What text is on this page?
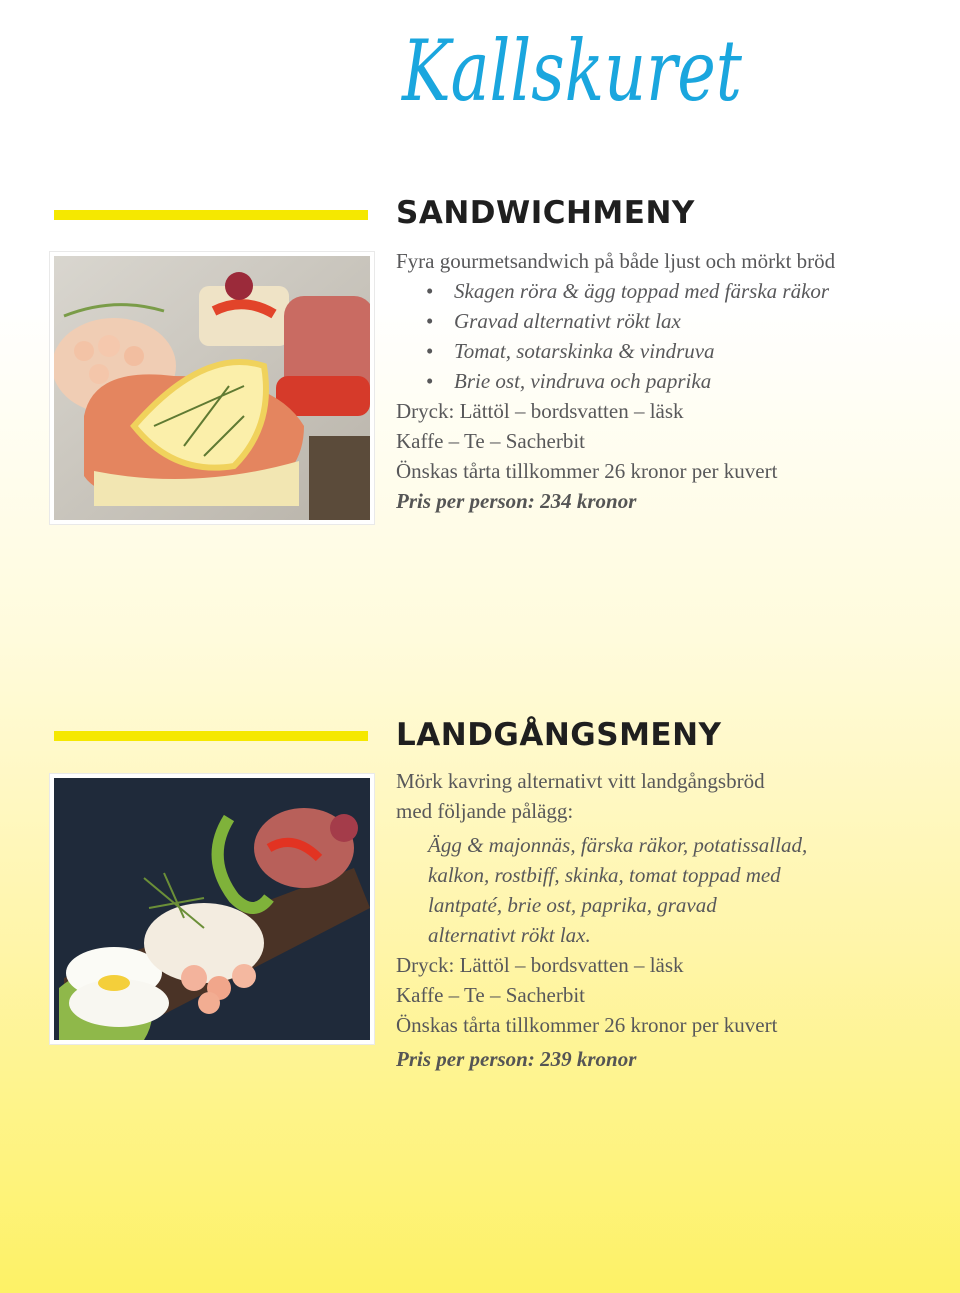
Kallskuret
SANDWICHMENY
Fyra gourmetsandwich på både ljust och mörkt bröd
• Skagen röra & ägg toppad med färska räkor
• Gravad alternativt rökt lax
• Tomat, sotarskinka & vindruva
• Brie ost, vindruva och paprika
Dryck: Lättöl – bordsvatten – läsk
Kaffe – Te – Sacherbit
Önskas tårta tillkommer 26 kronor per kuvert
Pris per person: 234 kronor
LANDGÅNGSMENY
Mörk kavring alternativt vitt landgångsbröd
med följande pålägg:
Ägg & majonnäs, färska räkor, potatissallad,
kalkon, rostbiff, skinka, tomat toppad med
lantpaté, brie ost, paprika, gravad
alternativt rökt lax.
Dryck: Lättöl – bordsvatten – läsk
Kaffe – Te – Sacherbit
Önskas tårta tillkommer 26 kronor per kuvert
Pris per person: 239 kronor
